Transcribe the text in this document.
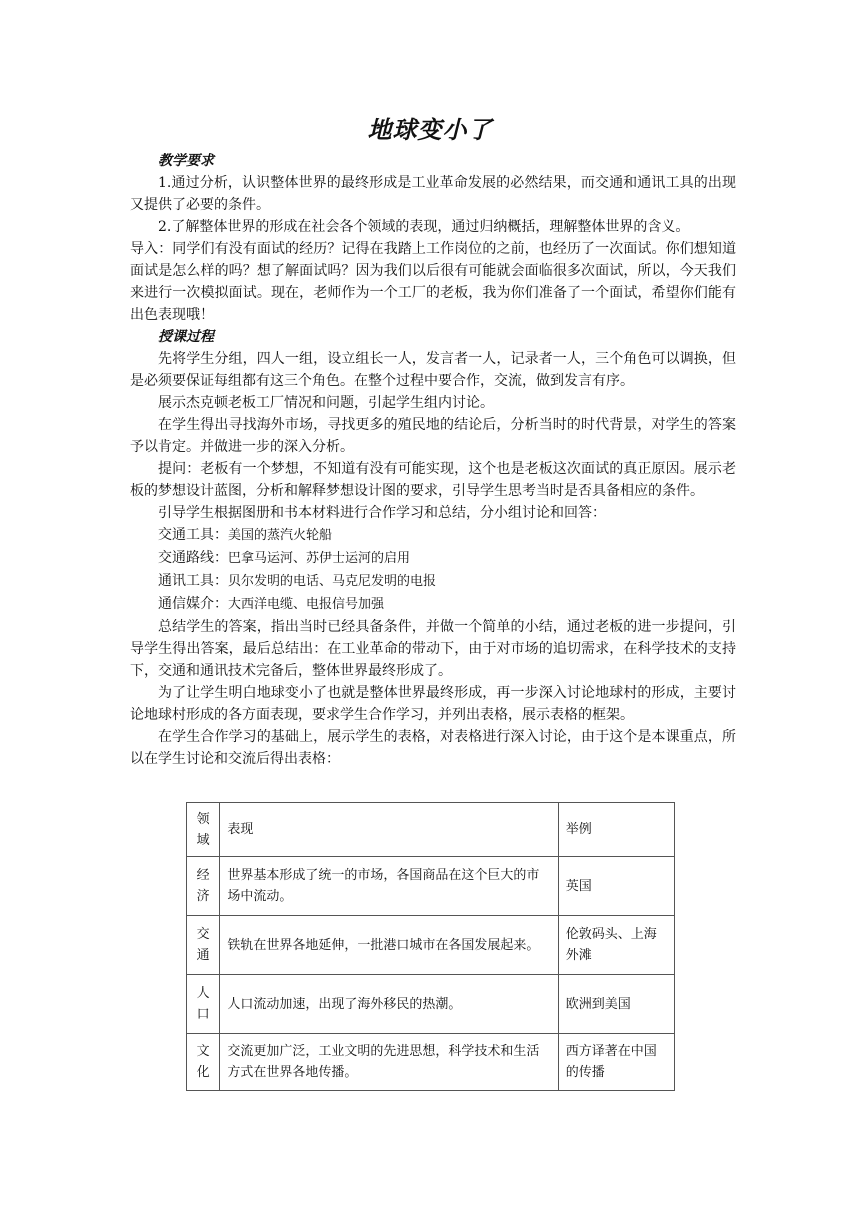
地球变小了

教学要求

1.通过分析，认识整体世界的最终形成是工业革命发展的必然结果，而交通和通讯工具的出现又提供了必要的条件。

2.了解整体世界的形成在社会各个领域的表现，通过归纳概括，理解整体世界的含义。

导入：同学们有没有面试的经历？记得在我踏上工作岗位的之前，也经历了一次面试。你们想知道面试是怎么样的吗？想了解面试吗？因为我们以后很有可能就会面临很多次面试，所以，今天我们来进行一次模拟面试。现在，老师作为一个工厂的老板，我为你们准备了一个面试，希望你们能有出色表现哦！

授课过程

先将学生分组，四人一组，设立组长一人，发言者一人，记录者一人，三个角色可以调换，但是必须要保证每组都有这三个角色。在整个过程中要合作，交流，做到发言有序。

展示杰克顿老板工厂情况和问题，引起学生组内讨论。

在学生得出寻找海外市场，寻找更多的殖民地的结论后，分析当时的时代背景，对学生的答案予以肯定。并做进一步的深入分析。

提问：老板有一个梦想，不知道有没有可能实现，这个也是老板这次面试的真正原因。展示老板的梦想设计蓝图，分析和解释梦想设计图的要求，引导学生思考当时是否具备相应的条件。

引导学生根据图册和书本材料进行合作学习和总结，分小组讨论和回答：

交通工具：美国的蒸汽火轮船

交通路线：巴拿马运河、苏伊士运河的启用

通讯工具：贝尔发明的电话、马克尼发明的电报

通信媒介：大西洋电缆、电报信号加强

总结学生的答案，指出当时已经具备条件，并做一个简单的小结，通过老板的进一步提问，引导学生得出答案，最后总结出：在工业革命的带动下，由于对市场的追切需求，在科学技术的支持下，交通和通讯技术完备后，整体世界最终形成了。

为了让学生明白地球变小了也就是整体世界最终形成，再一步深入讨论地球村的形成，主要讨论地球村形成的各方面表现，要求学生合作学习，并列出表格，展示表格的框架。

在学生合作学习的基础上，展示学生的表格，对表格进行深入讨论，由于这个是本课重点，所以在学生讨论和交流后得出表格：

领域	表现	举例
经济	世界基本形成了统一的市场，各国商品在这个巨大的市场中流动。	英国
交通	铁轨在世界各地延伸，一批港口城市在各国发展起来。	伦敦码头、上海外滩
人口	人口流动加速，出现了海外移民的热潮。	欧洲到美国
文化	交流更加广泛，工业文明的先进思想，科学技术和生活方式在世界各地传播。	西方译著在中国的传播
